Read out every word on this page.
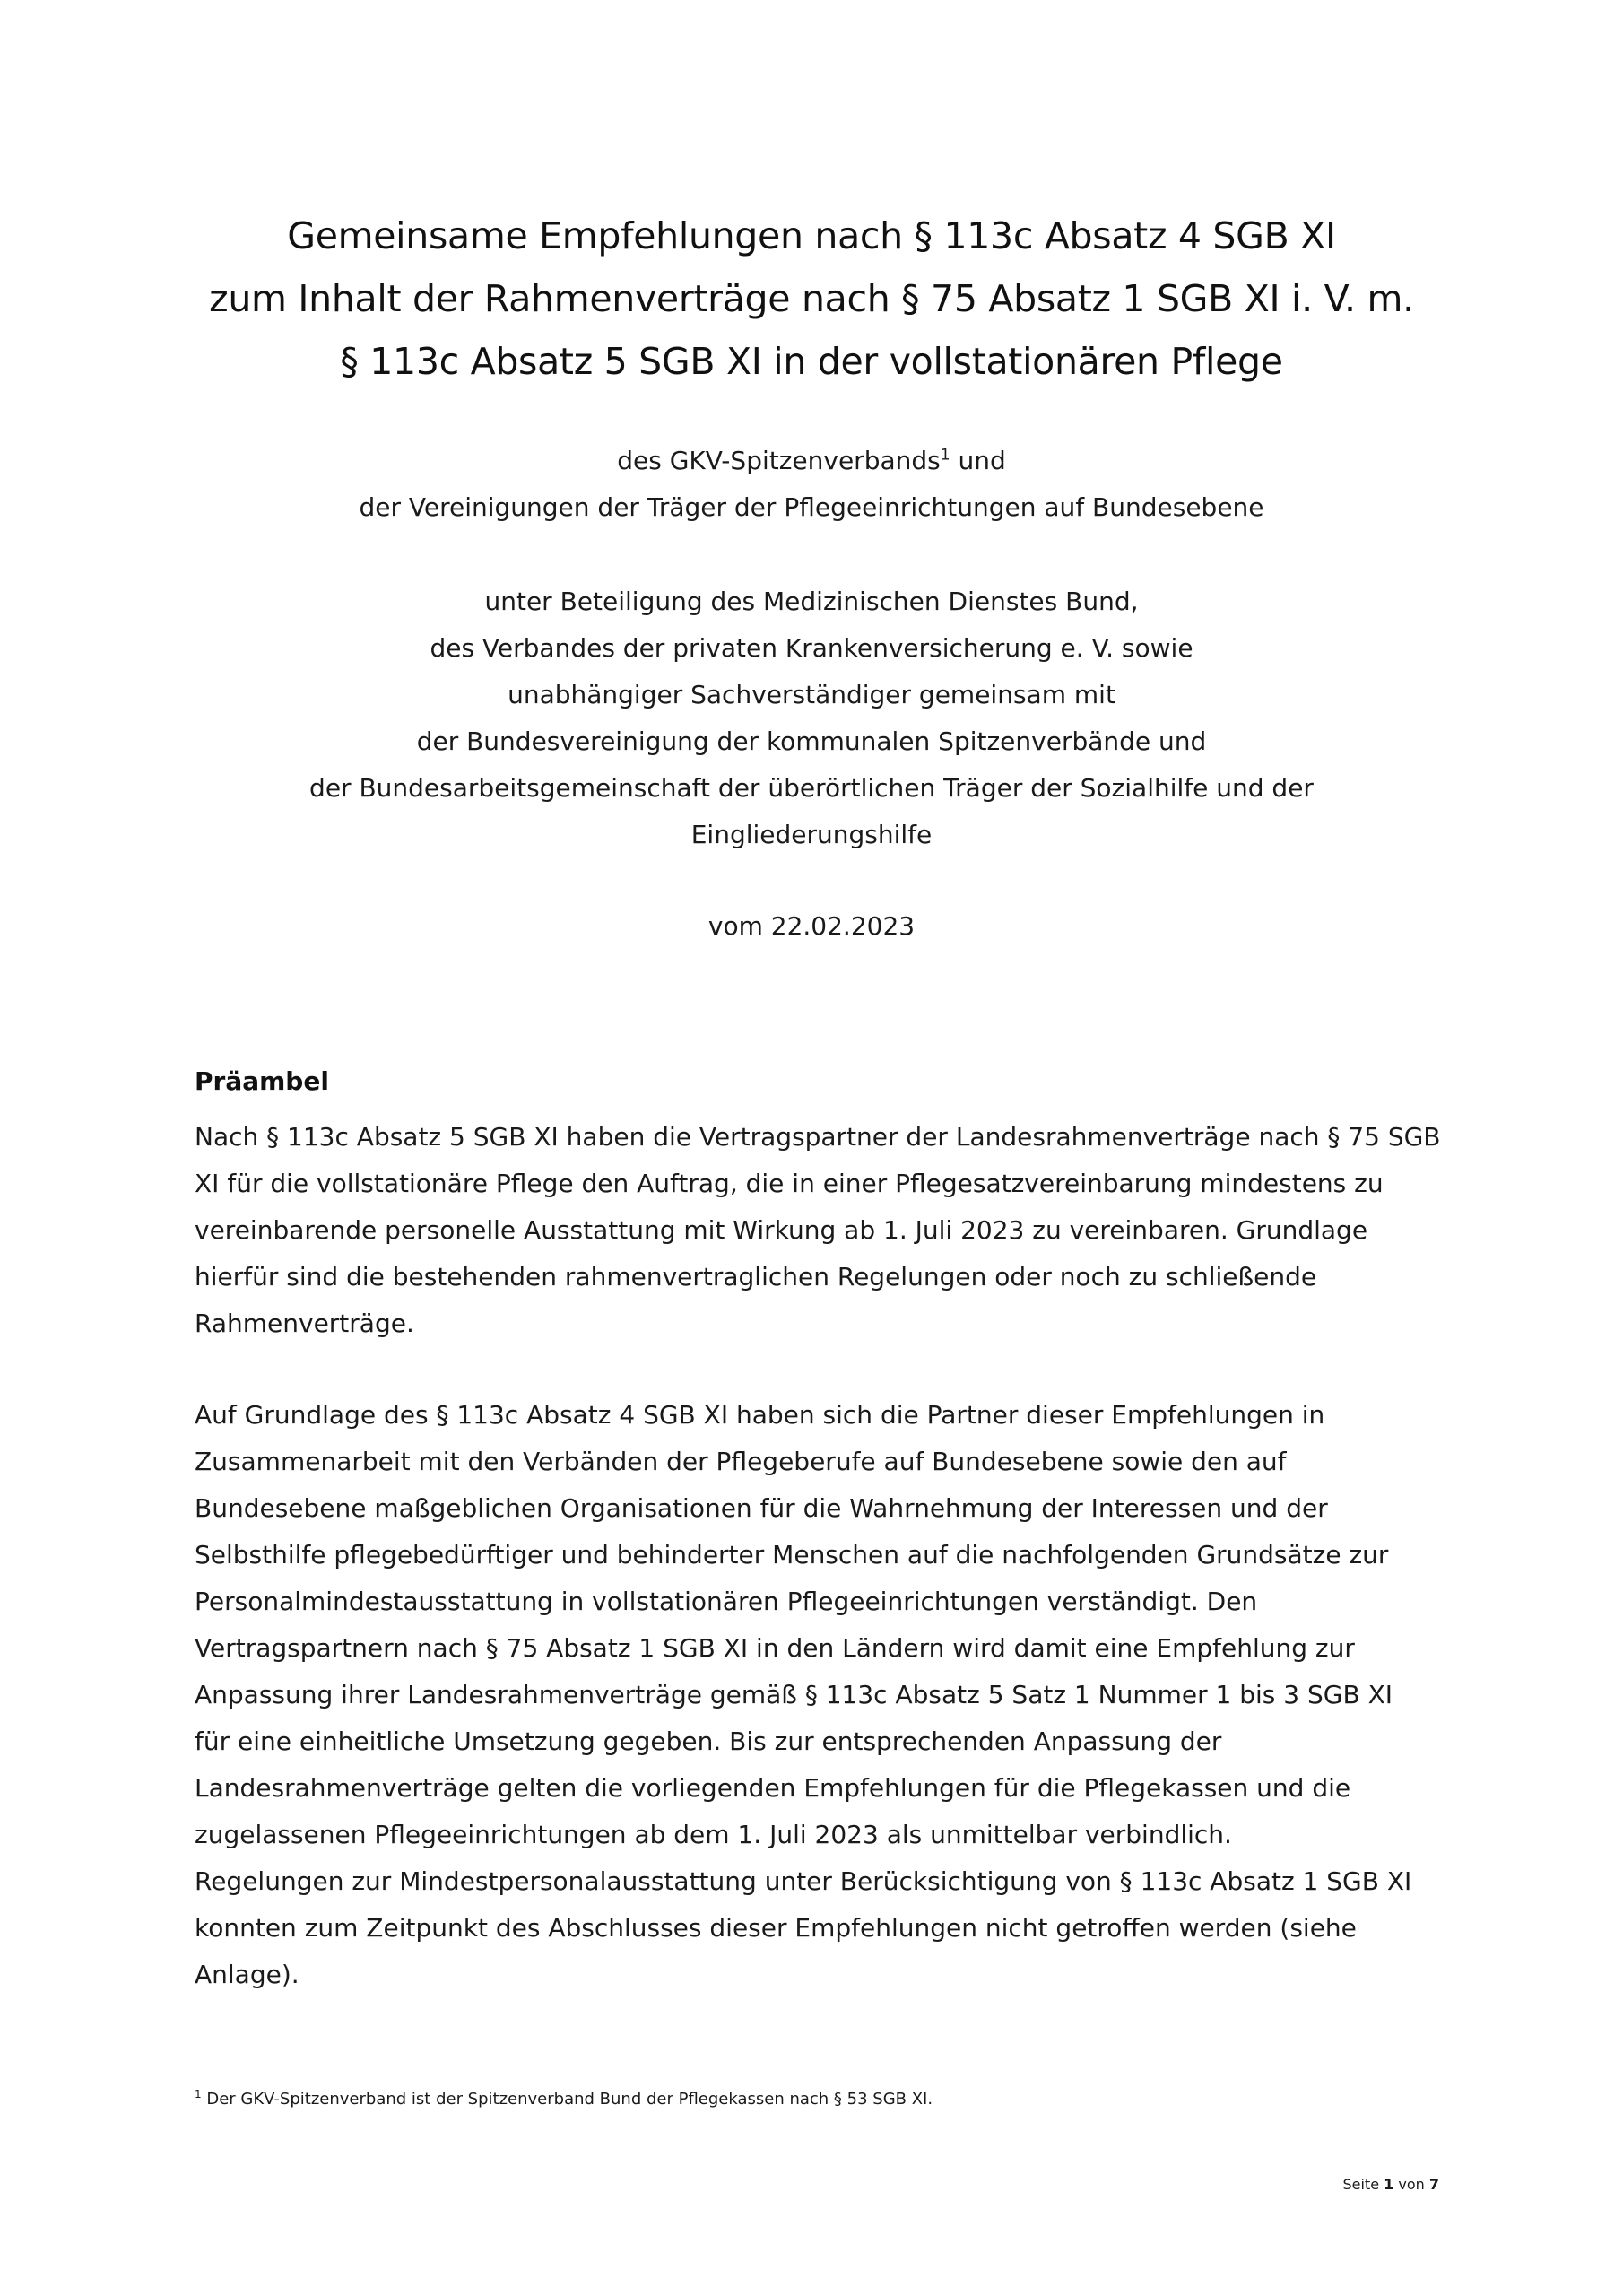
Gemeinsame Empfehlungen nach § 113c Absatz 4 SGB XI
zum Inhalt der Rahmenverträge nach § 75 Absatz 1 SGB XI i. V. m.
§ 113c Absatz 5 SGB XI in der vollstationären Pflege
des GKV-Spitzenverbands$^1$ und
der Vereinigungen der Träger der Pflegeeinrichtungen auf Bundesebene
unter Beteiligung des Medizinischen Dienstes Bund,
des Verbandes der privaten Krankenversicherung e. V. sowie
unabhängiger Sachverständiger gemeinsam mit
der Bundesvereinigung der kommunalen Spitzenverbände und
der Bundesarbeitsgemeinschaft der überörtlichen Träger der Sozialhilfe und der
Eingliederungshilfe
vom 22.02.2023
Präambel
Nach § 113c Absatz 5 SGB XI haben die Vertragspartner der Landesrahmenverträge nach § 75 SGB
XI für die vollstationäre Pflege den Auftrag, die in einer Pflegesatzvereinbarung mindestens zu
vereinbarende personelle Ausstattung mit Wirkung ab 1. Juli 2023 zu vereinbaren. Grundlage
hierfür sind die bestehenden rahmenvertraglichen Regelungen oder noch zu schließende
Rahmenverträge.
Auf Grundlage des § 113c Absatz 4 SGB XI haben sich die Partner dieser Empfehlungen in
Zusammenarbeit mit den Verbänden der Pflegeberufe auf Bundesebene sowie den auf
Bundesebene maßgeblichen Organisationen für die Wahrnehmung der Interessen und der
Selbsthilfe pflegebedürftiger und behinderter Menschen auf die nachfolgenden Grundsätze zur
Personalmindestausstattung in vollstationären Pflegeeinrichtungen verständigt. Den
Vertragspartnern nach § 75 Absatz 1 SGB XI in den Ländern wird damit eine Empfehlung zur
Anpassung ihrer Landesrahmenverträge gemäß § 113c Absatz 5 Satz 1 Nummer 1 bis 3 SGB XI
für eine einheitliche Umsetzung gegeben. Bis zur entsprechenden Anpassung der
Landesrahmenverträge gelten die vorliegenden Empfehlungen für die Pflegekassen und die
zugelassenen Pflegeeinrichtungen ab dem 1. Juli 2023 als unmittelbar verbindlich.
Regelungen zur Mindestpersonalausstattung unter Berücksichtigung von § 113c Absatz 1 SGB XI
konnten zum Zeitpunkt des Abschlusses dieser Empfehlungen nicht getroffen werden (siehe
Anlage).
$^1$ Der GKV-Spitzenverband ist der Spitzenverband Bund der Pflegekassen nach § 53 SGB XI.
Seite 1 von 7
